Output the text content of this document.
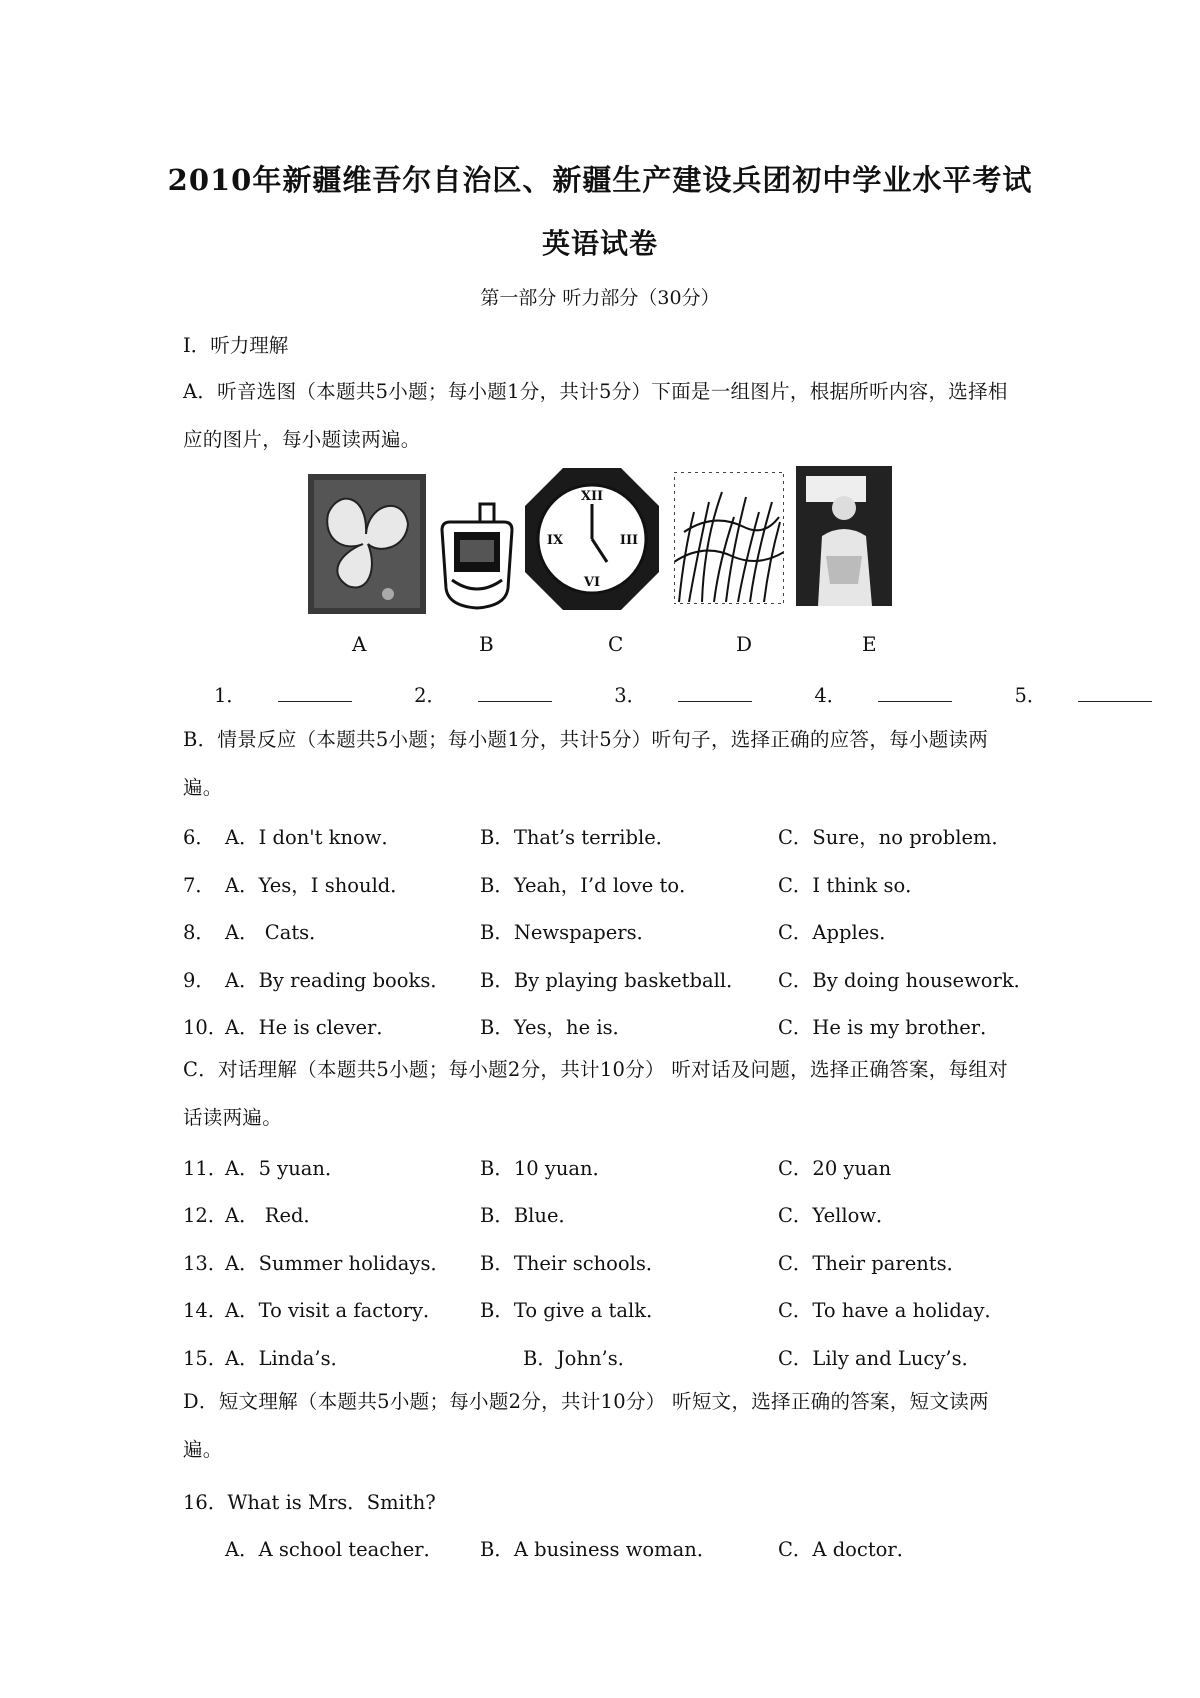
2010年新疆维吾尔自治区、新疆生产建设兵团初中学业水平考试
英语试卷
第一部分 听力部分（30分）
Ⅰ．听力理解
A．听音选图（本题共5小题；每小题1分，共计5分）下面是一组图片，根据所听内容，选择相应的图片，每小题读两遍。
XII
III
VI
IX
A	B	C	D	E
1．	2．	3．	4．	5．
B．情景反应（本题共5小题；每小题1分，共计5分）听句子，选择正确的应答，每小题读两遍。
6． A．I don't know．	B．That’s terrible．	C．Sure，no problem．
7． A．Yes，I should．	B．Yeah，I’d love to．	C．I think so．
8． A． Cats．	B．Newspapers．	C．Apples．
9． A．By reading books． B．By playing basketball． C．By doing housework．
10．
A．He is clever．	B．Yes，he is．	C．He is my brother．
C．对话理解（本题共5小题；每小题2分，共计10分） 听对话及问题，选择正确答案，每组对话读两遍。
11．
A．5 yuan．	B．10 yuan．	C．20 yuan
12．
A． Red．	B．Blue．	C．Yellow．
13．
A．Summer holidays． B．Their schools．	C．Their parents．
14．
A．To visit a factory． B．To give a talk．	C．To have a holiday．
15．
A．Linda’s．	B．John’s．	C．Lily and Lucy’s．
D．短文理解（本题共5小题；每小题2分，共计10分） 听短文，选择正确的答案，短文读两遍。
16．What is Mrs．Smith?
A．A school teacher． B．A business woman．	C．A doctor．
